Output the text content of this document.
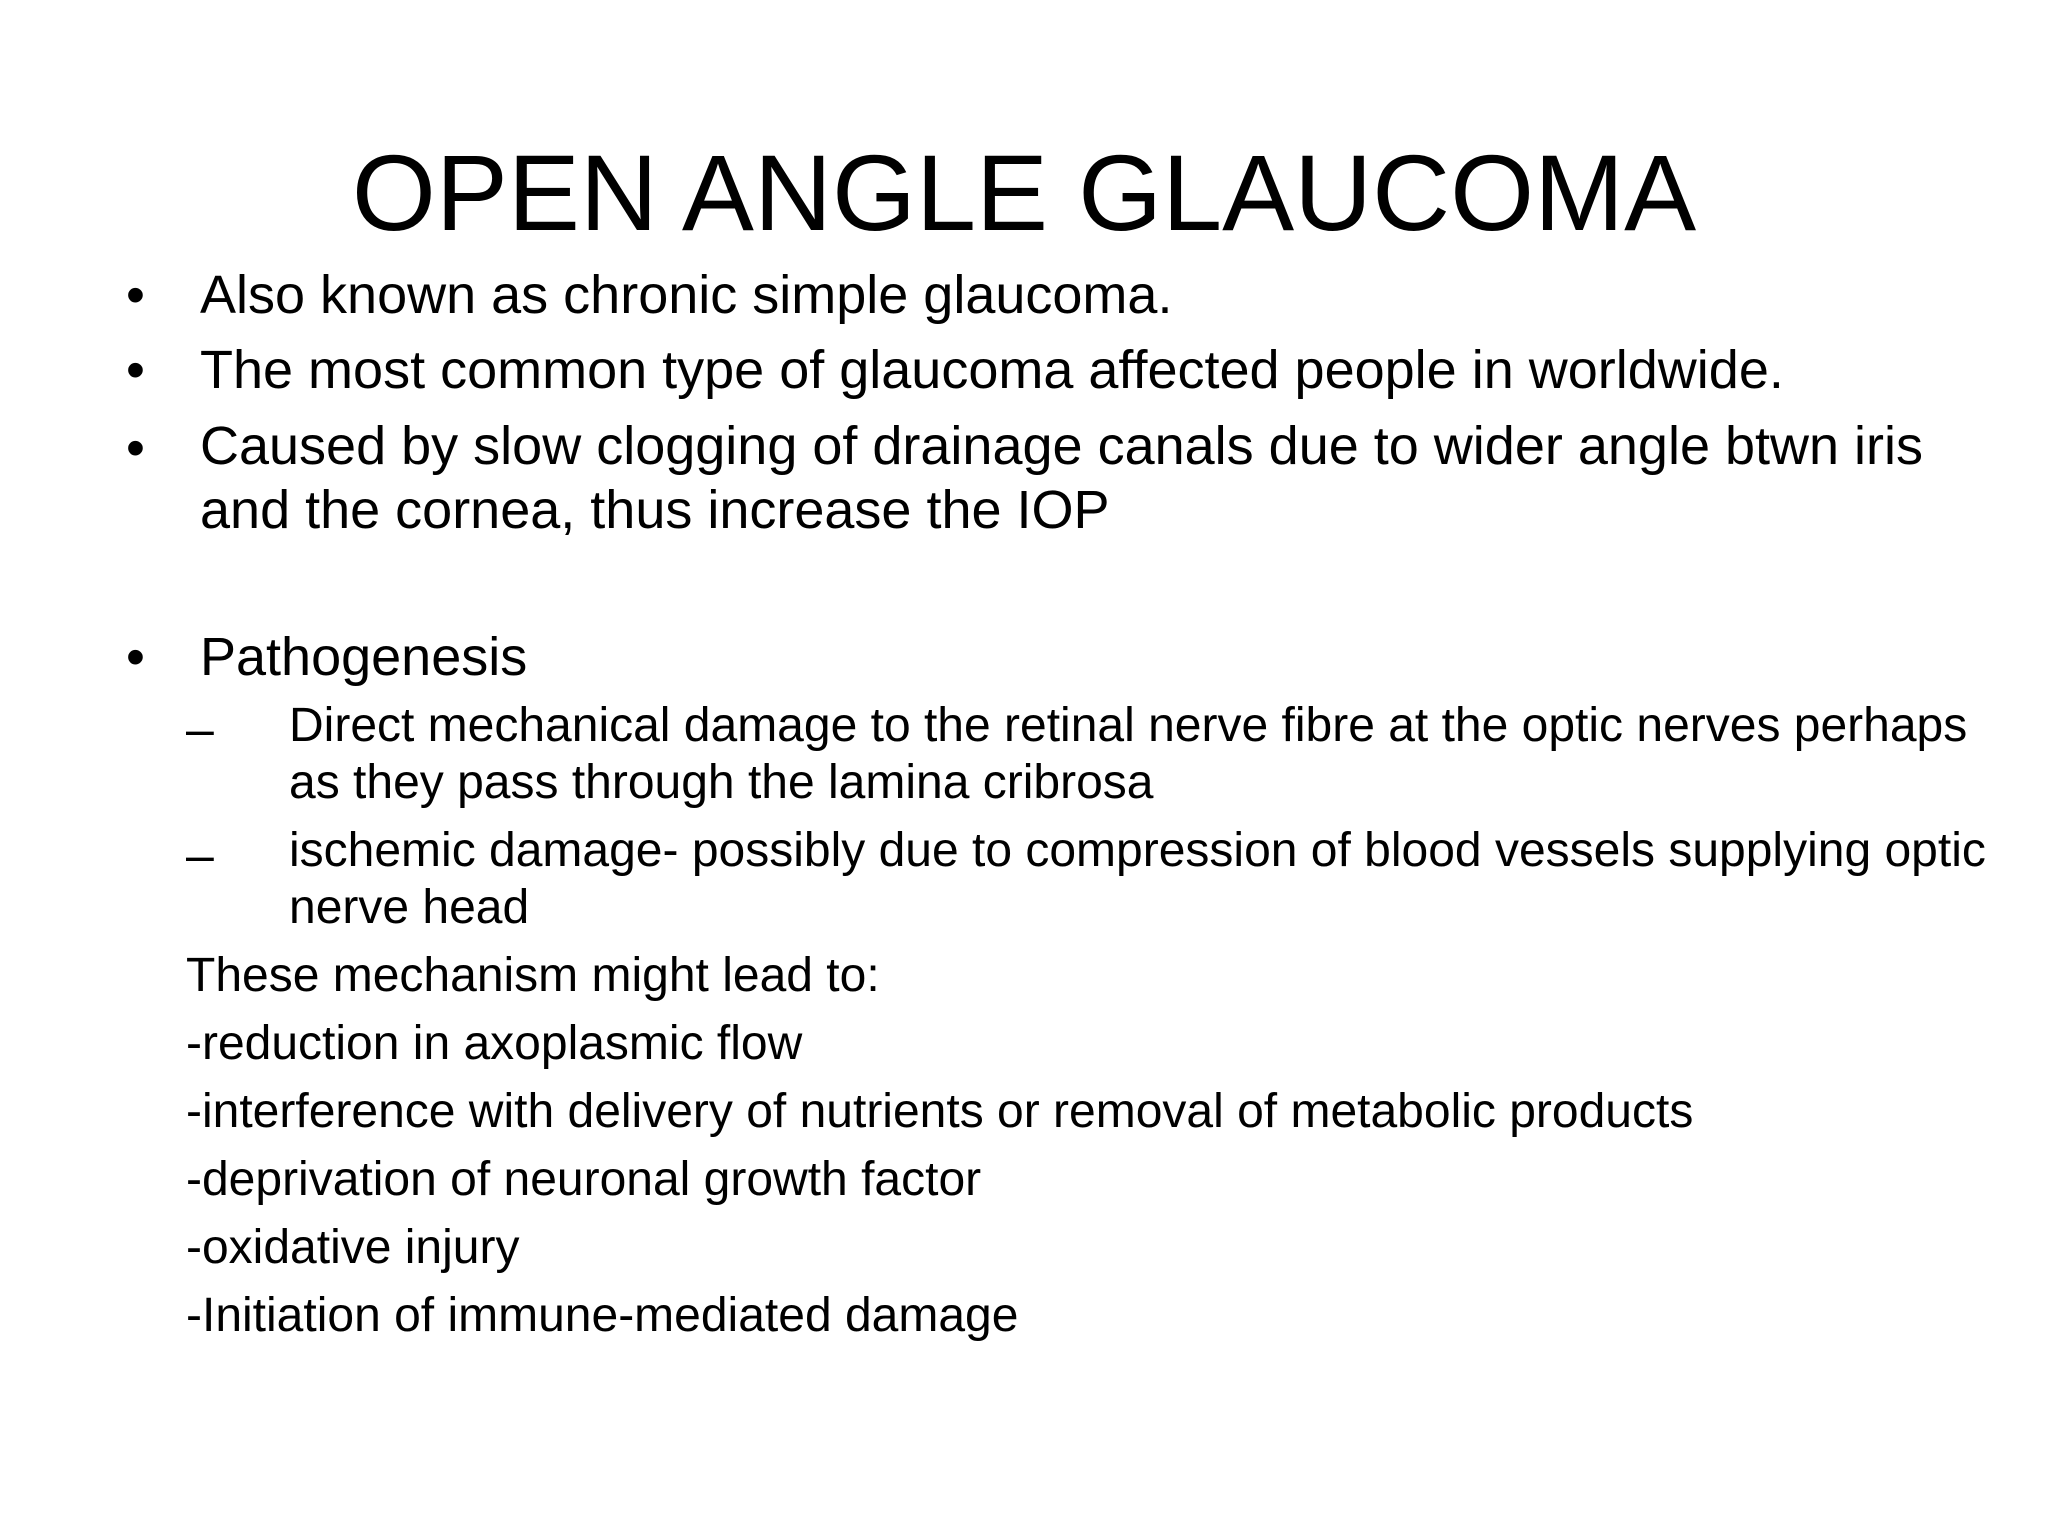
OPEN ANGLE GLAUCOMA
• Also known as chronic simple glaucoma.
• The most common type of glaucoma affected people in worldwide.
• Caused by slow clogging of drainage canals due to wider angle btwn iris and the cornea, thus increase the IOP
• Pathogenesis
– Direct mechanical damage to the retinal nerve fibre at the optic nerves perhaps as they pass through the lamina cribrosa
– ischemic damage- possibly due to compression of blood vessels supplying optic nerve head
These mechanism might lead to:
-reduction in axoplasmic flow
-interference with delivery of nutrients or removal of metabolic products
-deprivation of neuronal growth factor
-oxidative injury
-Initiation of immune-mediated damage
